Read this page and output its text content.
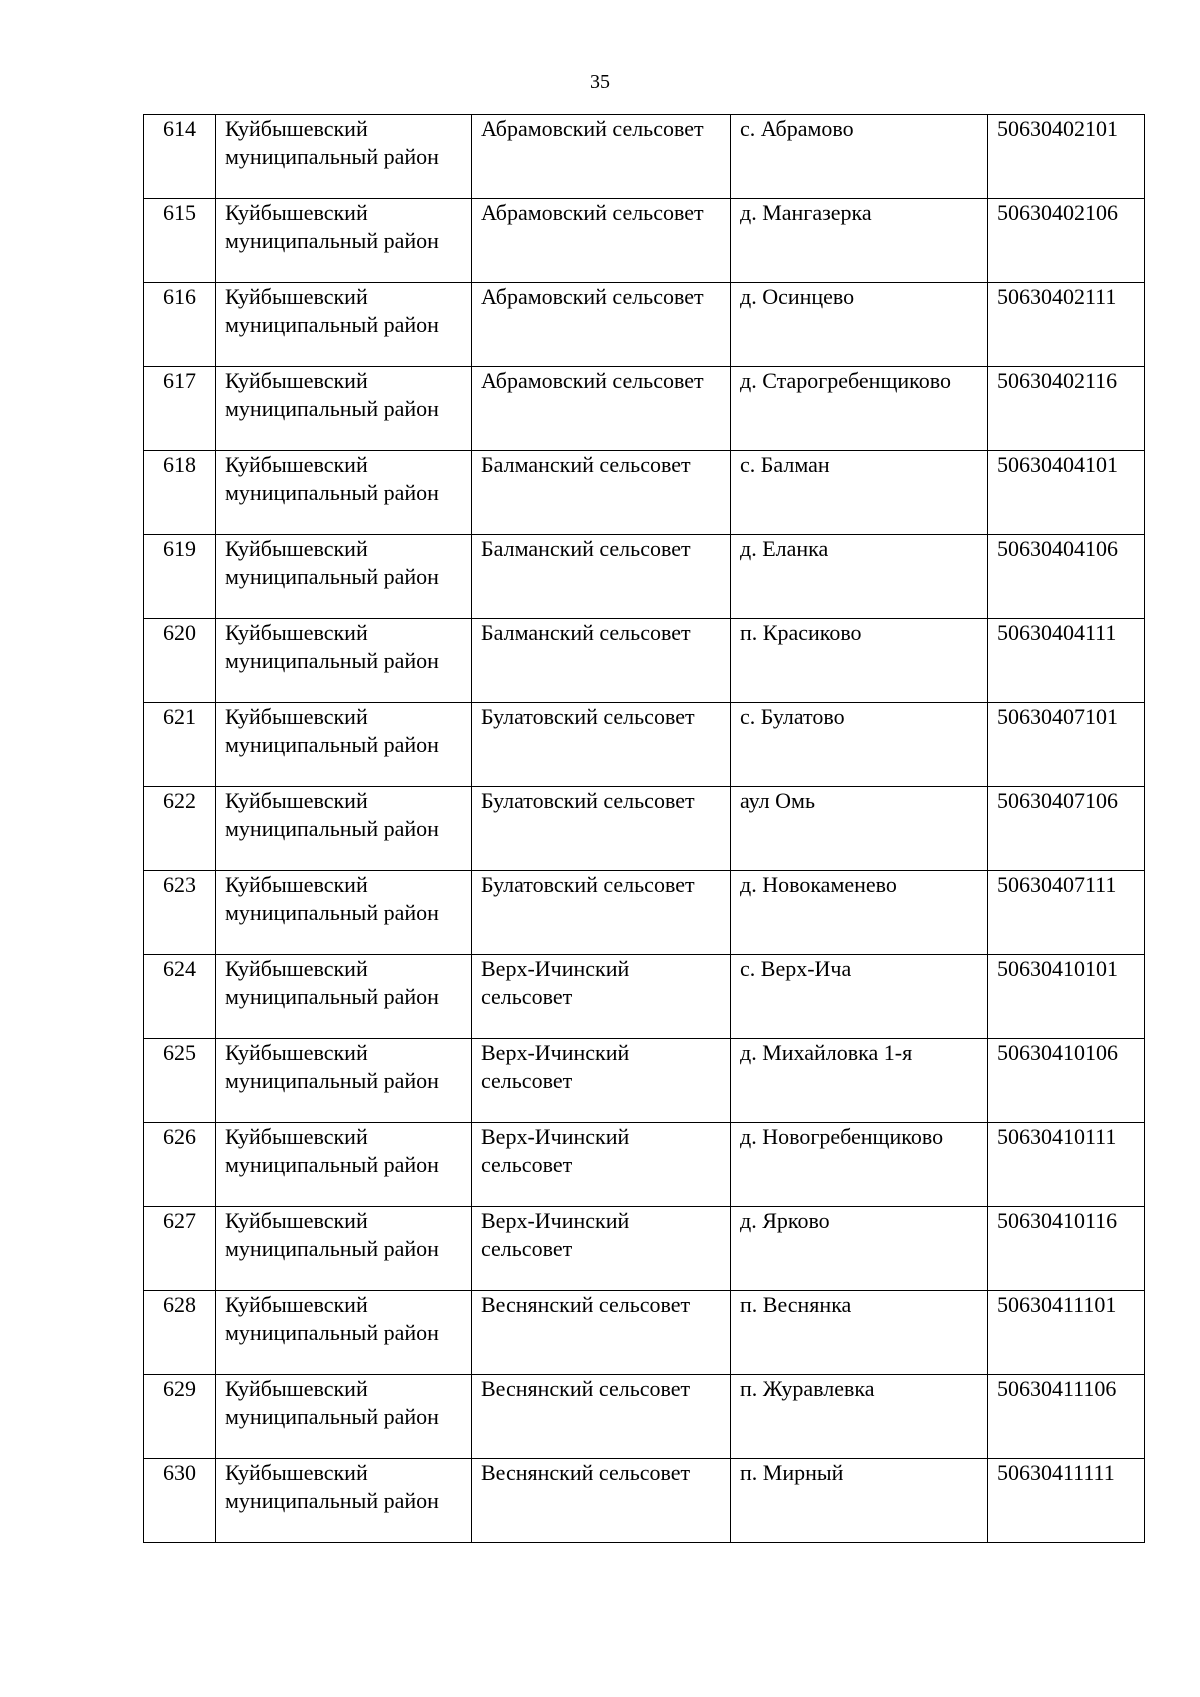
35
614	Куйбышевский муниципальный район	Абрамовский сельсовет	с. Абрамово	50630402101
615	Куйбышевский муниципальный район	Абрамовский сельсовет	д. Мангазерка	50630402106
616	Куйбышевский муниципальный район	Абрамовский сельсовет	д. Осинцево	50630402111
617	Куйбышевский муниципальный район	Абрамовский сельсовет	д. Старогребенщиково	50630402116
618	Куйбышевский муниципальный район	Балманский сельсовет	с. Балман	50630404101
619	Куйбышевский муниципальный район	Балманский сельсовет	д. Еланка	50630404106
620	Куйбышевский муниципальный район	Балманский сельсовет	п. Красиково	50630404111
621	Куйбышевский муниципальный район	Булатовский сельсовет	с. Булатово	50630407101
622	Куйбышевский муниципальный район	Булатовский сельсовет	аул Омь	50630407106
623	Куйбышевский муниципальный район	Булатовский сельсовет	д. Новокаменево	50630407111
624	Куйбышевский муниципальный район	Верх-Ичинский сельсовет	с. Верх-Ича	50630410101
625	Куйбышевский муниципальный район	Верх-Ичинский сельсовет	д. Михайловка 1-я	50630410106
626	Куйбышевский муниципальный район	Верх-Ичинский сельсовет	д. Новогребенщиково	50630410111
627	Куйбышевский муниципальный район	Верх-Ичинский сельсовет	д. Ярково	50630410116
628	Куйбышевский муниципальный район	Веснянский сельсовет	п. Веснянка	50630411101
629	Куйбышевский муниципальный район	Веснянский сельсовет	п. Журавлевка	50630411106
630	Куйбышевский муниципальный район	Веснянский сельсовет	п. Мирный	50630411111
